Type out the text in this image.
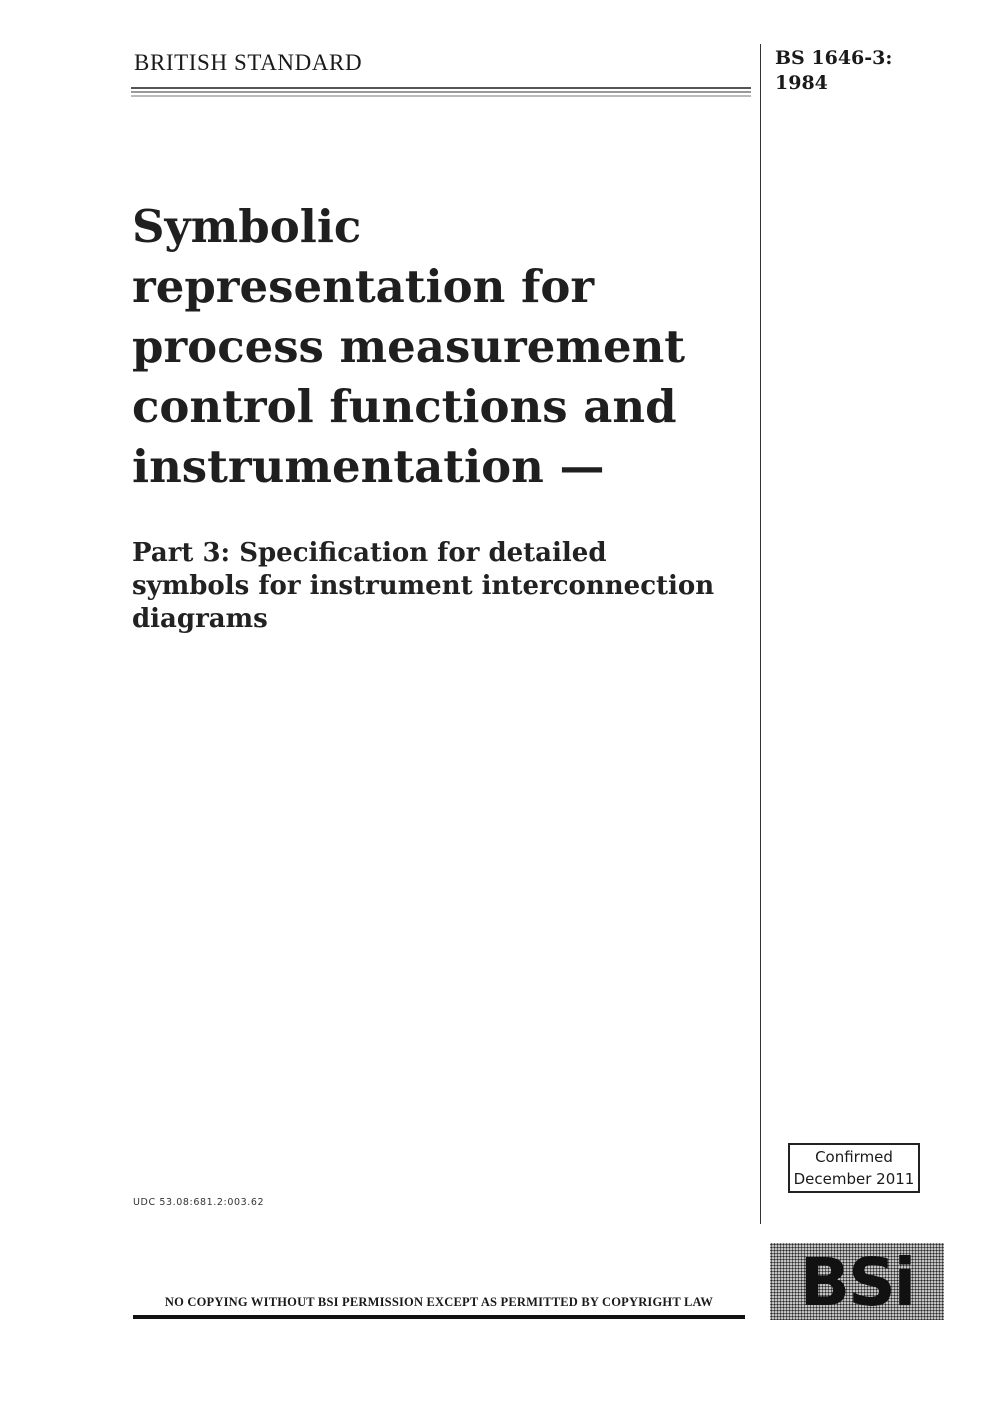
BRITISH STANDARD	BS 1646-3:
1984
Symbolic
representation for
process measurement
control functions and
instrumentation —
Part 3: Specification for detailed
symbols for instrument interconnection
diagrams
UDC 53.08:681.2:003.62
Confirmed
December 2011
NO COPYING WITHOUT BSI PERMISSION EXCEPT AS PERMITTED BY COPYRIGHT LAW	BSi
